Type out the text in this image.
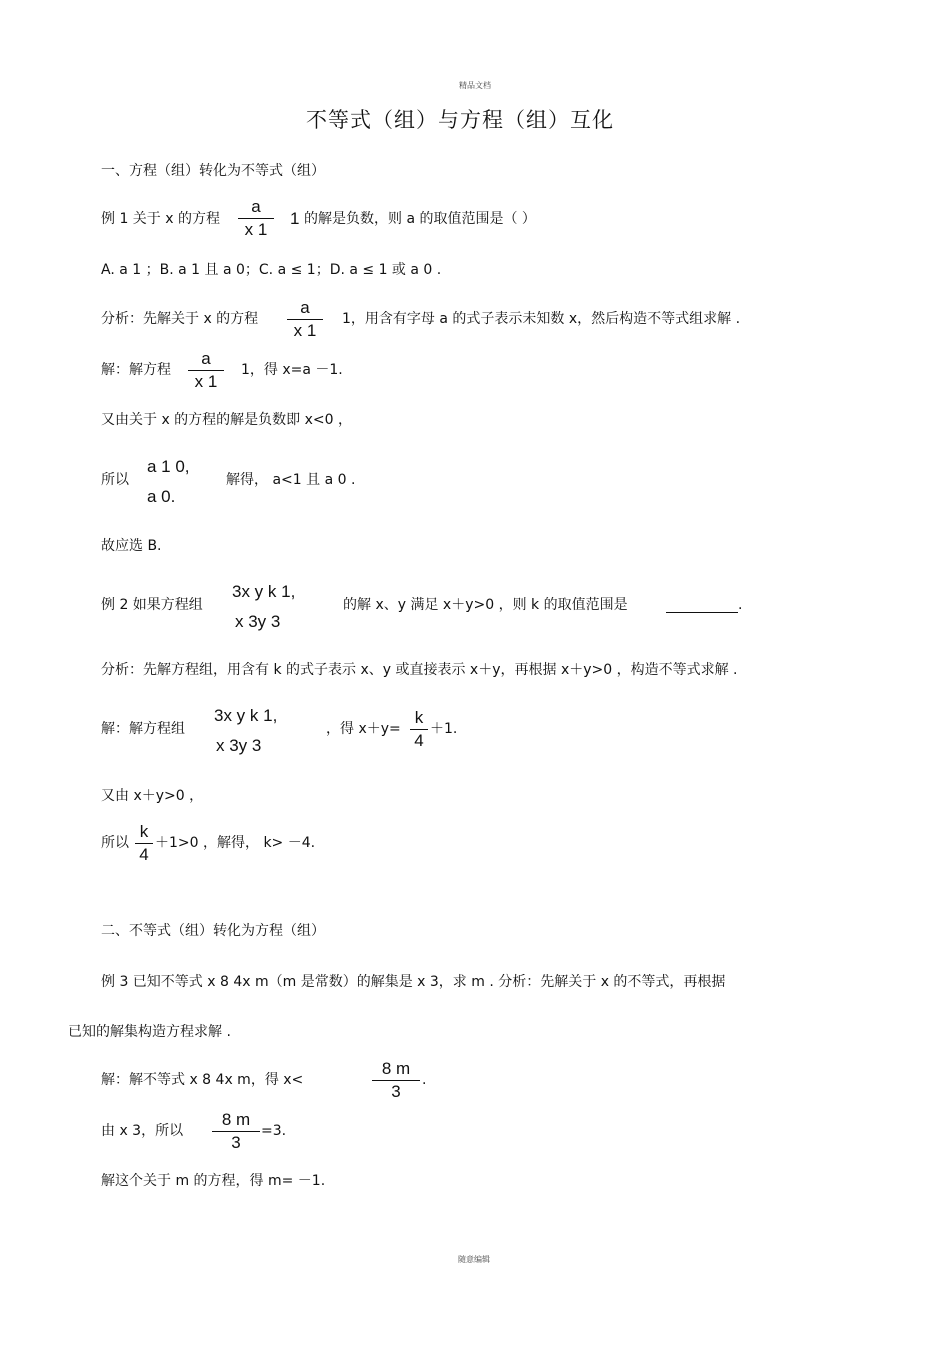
精品文档
随意编辑
不等式（组）与方程（组）互化
一、方程（组）转化为不等式（组）
例 1 关于 x 的方程
a
x 1
1 的解是负数，则 a 的取值范围是（ ）
A. a 1 ；B. a 1 且 a 0；C. a ≤ 1；D. a ≤ 1 或 a 0 .
分析：先解关于 x 的方程
a
x 1
1，用含有字母 a 的式子表示未知数 x，然后构造不等式组求解 .
解：解方程
a
x 1
1，得 x=a －1.
又由关于 x 的方程的解是负数即 x<0 ，
所以
a 1 0,
a 0.
解得， a<1 且 a 0 .
故应选 B.
例 2 如果方程组
3x y k 1,
x 3y 3
的解 x、y 满足 x＋y>0 ，则 k 的取值范围是	.
分析：先解方程组，用含有 k 的式子表示 x、y 或直接表示 x＋y，再根据 x＋y>0 ，构造不等式求解 .
解：解方程组
3x y k 1,
x 3y 3
，得 x＋y=
k
4
＋1.
又由 x＋y>0 ，
所以
k
4
＋1>0 ，解得， k> －4.
二、不等式（组）转化为方程（组）
例 3 已知不等式 x 8 4x m（m 是常数）的解集是 x 3，求 m . 分析：先解关于 x 的不等式，再根据
已知的解集构造方程求解 .
解：解不等式 x 8 4x m，得 x<
8 m
3
.
由 x 3，所以
8 m
3
=3.
解这个关于 m 的方程，得 m= －1.
